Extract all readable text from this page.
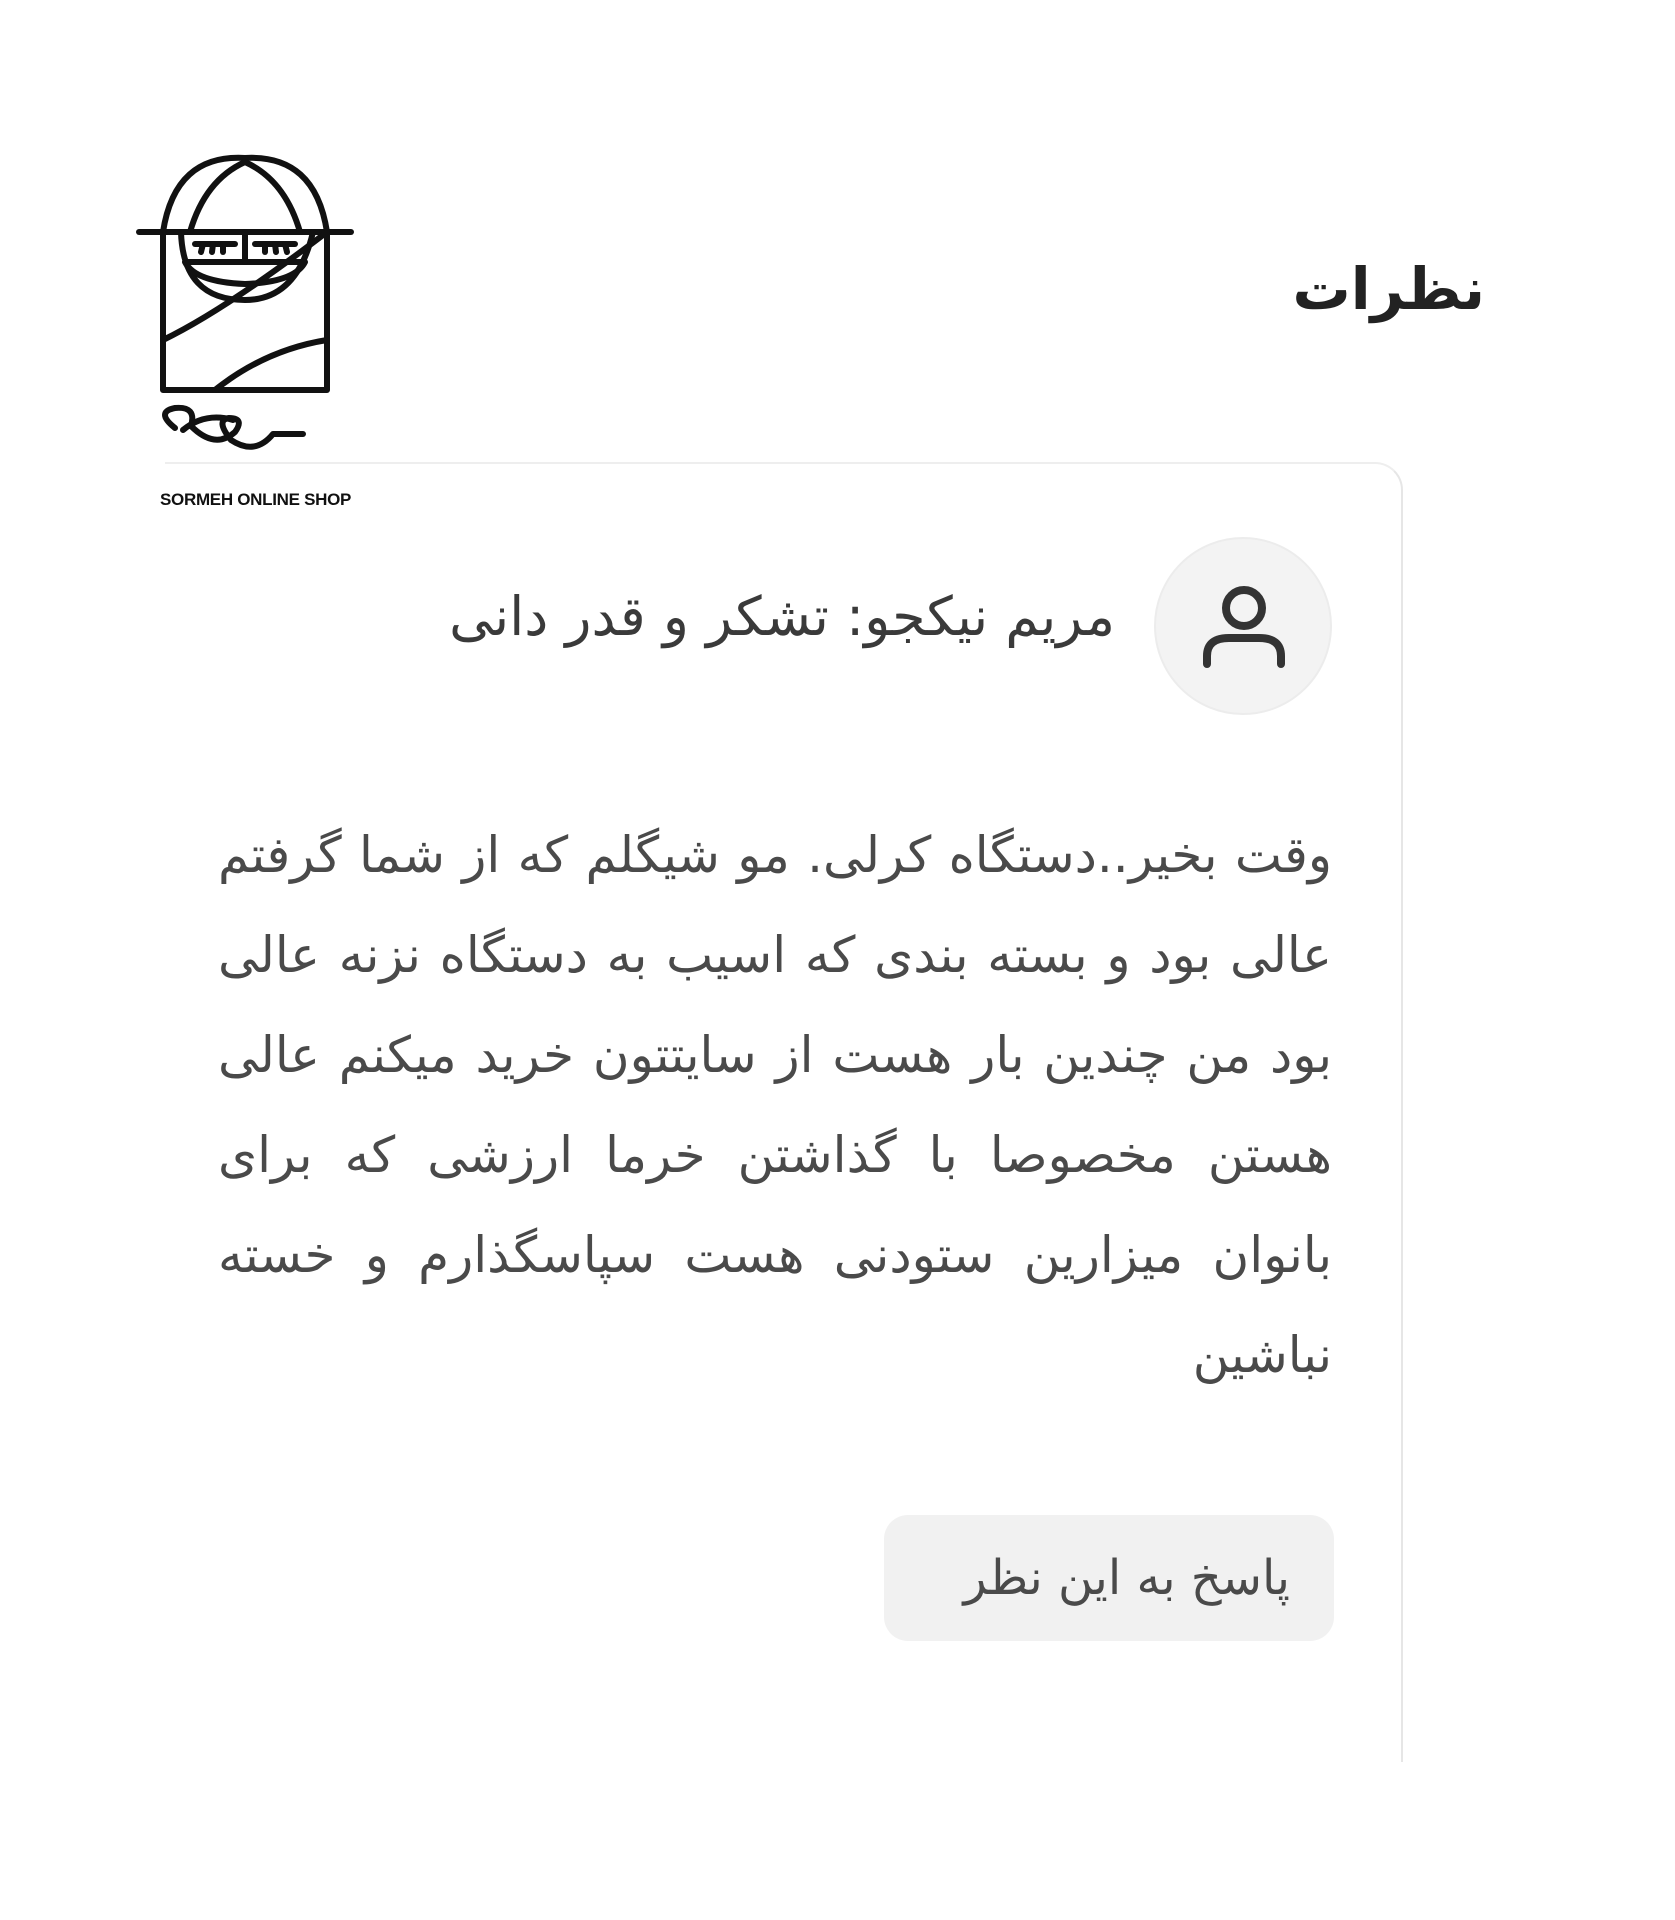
SORMEH ONLINE SHOP
نظرات
مریم نیکجو: تشکر و قدر دانی

وقت بخیر..دستگاه کرلی. مو شیگلم که از شما گرفتم عالی بود و بسته بندی که اسیب به دستگاه نزنه عالی بود من چندین بار هست از سایتتون خرید میکنم عالی هستن مخصوصا با گذاشتن خرما ارزشی که برای بانوان میزارین ستودنی هست سپاسگذارم و خسته نباشین

پاسخ به این نظر
